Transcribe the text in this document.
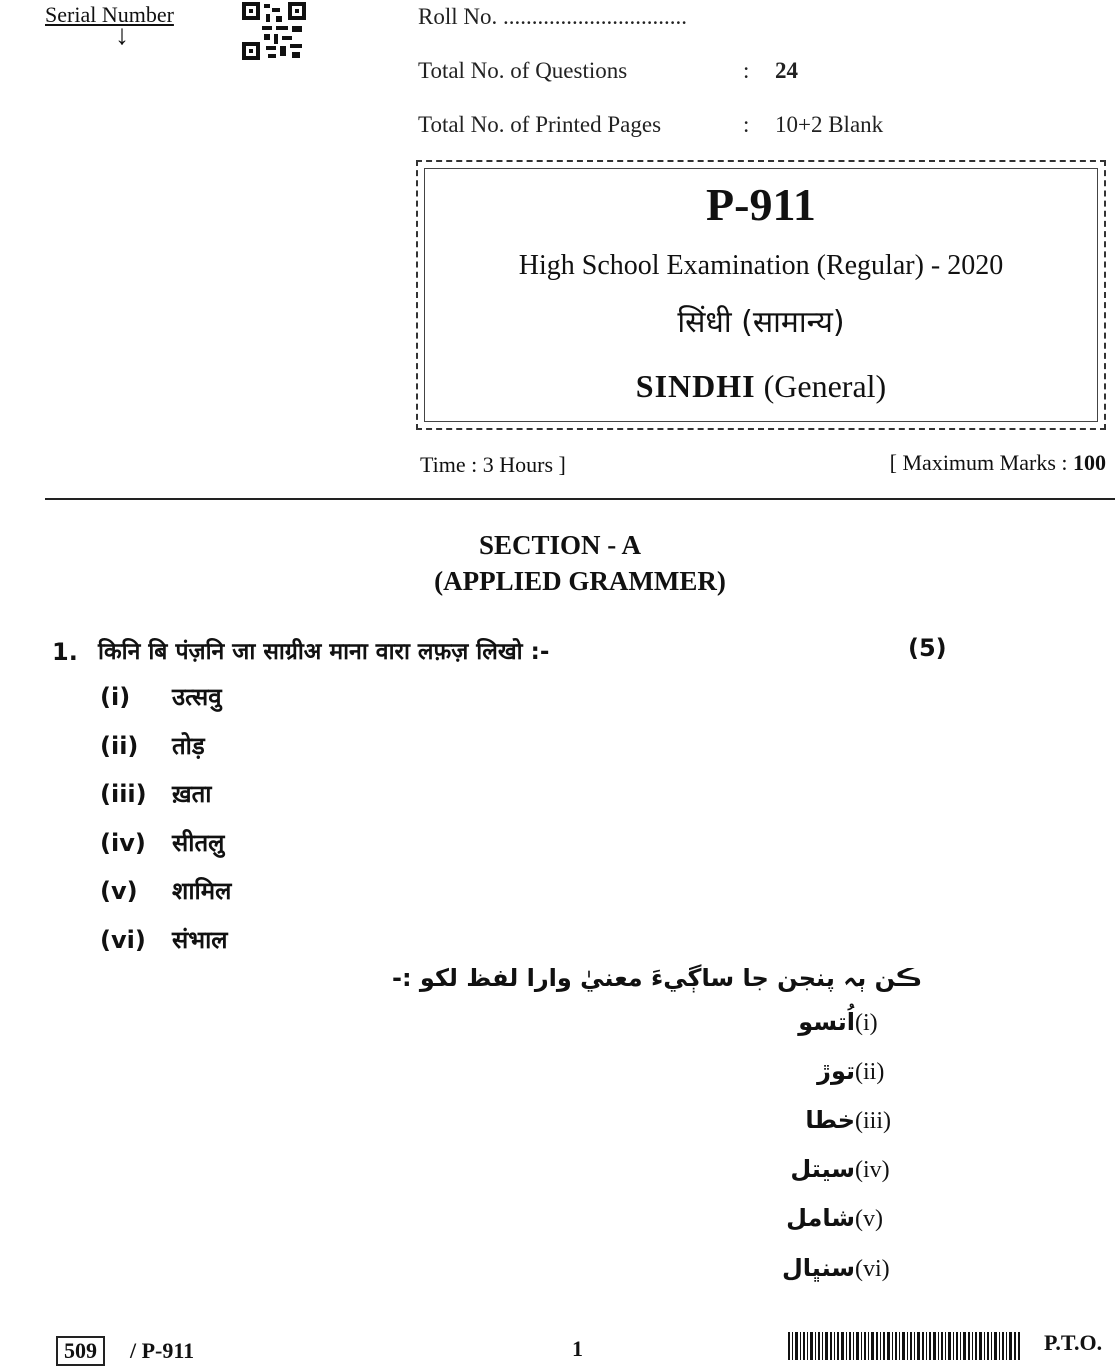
Serial Number
↓
Roll No. ................................
Total No. of Questions	: 24
Total No. of Printed Pages	: 10+2 Blank
P-911
High School Examination (Regular) - 2020
सिंधी (सामान्य)
SINDHI (General)
Time : 3 Hours ]	[ Maximum Marks : 100
SECTION - A
(APPLIED GRAMMER)
1. किनि बि पंज़नि जा साग्रीअ माना वारा लफ़ज़ लिखो :-	(5)
(i) उत्सवु
(ii) तोड़
(iii) ख़ता
(iv) सीतलु
(v) शामिल
(vi) संभाल
ڪن ٻہ پنجن جا ساڳيءَ معنيٰ وارا لفظ لکو :-
(i)اُتسو
(ii)توڙ
(iii)خطا
(iv)سيتل
(v)شامل
(vi)سنڀال
509	/ P-911	1	P.T.O.
